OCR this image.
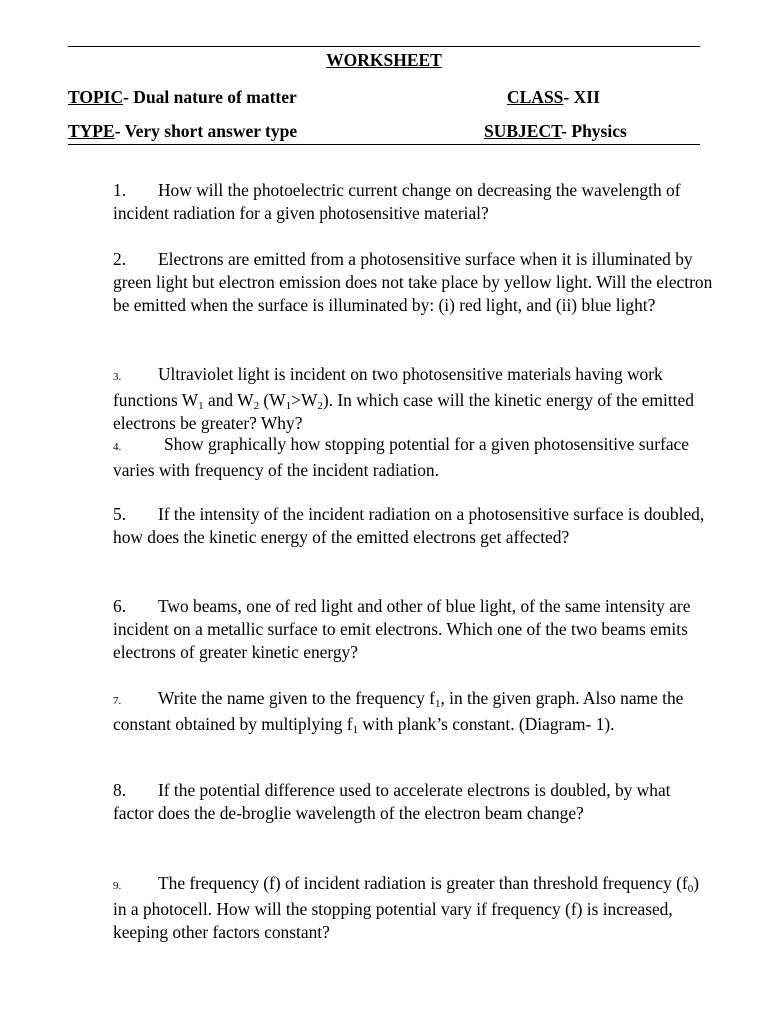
WORKSHEET
TOPIC- Dual nature of matter	CLASS- XII
TYPE- Very short answer type	SUBJECT- Physics
1. How will the photoelectric current change on decreasing the wavelength of incident radiation for a given photosensitive material?
2. Electrons are emitted from a photosensitive surface when it is illuminated by green light but electron emission does not take place by yellow light. Will the electron be emitted when the surface is illuminated by: (i) red light, and (ii) blue light?
3. Ultraviolet light is incident on two photosensitive materials having work functions $W_1$ and $W_2$ $(W_1>W_2)$. In which case will the kinetic energy of the emitted electrons be greater? Why?
4. Show graphically how stopping potential for a given photosensitive surface varies with frequency of the incident radiation.
5. If the intensity of the incident radiation on a photosensitive surface is doubled, how does the kinetic energy of the emitted electrons get affected?
6. Two beams, one of red light and other of blue light, of the same intensity are incident on a metallic surface to emit electrons. Which one of the two beams emits electrons of greater kinetic energy?
7. Write the name given to the frequency $f_1$, in the given graph. Also name the constant obtained by multiplying $f_1$ with plank’s constant. (Diagram- 1).
8. If the potential difference used to accelerate electrons is doubled, by what factor does the de-broglie wavelength of the electron beam change?
9. The frequency (f) of incident radiation is greater than threshold frequency $(f_0)$ in a photocell. How will the stopping potential vary if frequency (f) is increased, keeping other factors constant?
